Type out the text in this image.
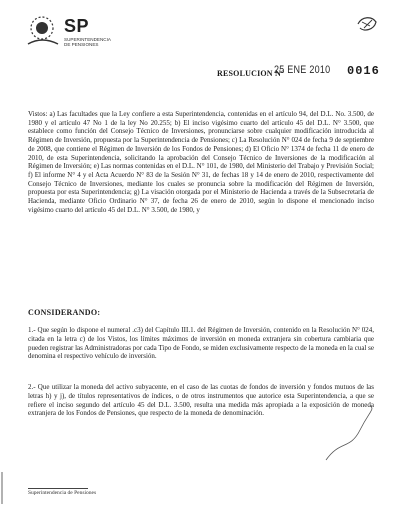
SP
SUPERINTENDENCIA DE PENSIONES
RESOLUCION N°
25 ENE 2010 0016

Vistos: a) Las facultades que la Ley confiere a esta Superintendencia, contenidas en el artículo 94, del D.L. No. 3.500, de 1980 y el artículo 47 No 1 de la ley No 20.255; b) El inciso vigésimo cuarto del artículo 45 del D.L. N° 3.500, que establece como función del Consejo Técnico de Inversiones, pronunciarse sobre cualquier modificación introducida al Régimen de Inversión, propuesta por la Superintendencia de Pensiones; c) La Resolución N° 024 de fecha 9 de septiembre de 2008, que contiene el Régimen de Inversión de los Fondos de Pensiones; d) El Oficio N° 1374 de fecha 11 de enero de 2010, de esta Superintendencia, solicitando la aprobación del Consejo Técnico de Inversiones de la modificación al Régimen de Inversión; e) Las normas contenidas en el D.L. N° 101, de 1980, del Ministerio del Trabajo y Previsión Social; f) El informe N° 4 y el Acta Acuerdo N° 83 de la Sesión N° 31, de fechas 18 y 14 de enero de 2010, respectivamente del Consejo Técnico de Inversiones, mediante los cuales se pronuncia sobre la modificación del Régimen de Inversión, propuesta por esta Superintendencia; g) La visación otorgada por el Ministerio de Hacienda a través de la Subsecretaría de Hacienda, mediante Oficio Ordinario N° 37, de fecha 26 de enero de 2010, según lo dispone el mencionado inciso vigésimo cuarto del artículo 45 del D.L. N° 3.500, de 1980, y

CONSIDERANDO:

1.- Que según lo dispone el numeral .c3) del Capítulo III.1. del Régimen de Inversión, contenido en la Resolución N° 024, citada en la letra c) de los Vistos, los límites máximos de inversión en moneda extranjera sin cobertura cambiaria que pueden registrar las Administradoras por cada Tipo de Fondo, se miden exclusivamente respecto de la moneda en la cual se denomina el respectivo vehículo de inversión.

2.- Que utilizar la moneda del activo subyacente, en el caso de las cuotas de fondos de inversión y fondos mutuos de las letras h) y j), de títulos representativos de índices, o de otros instrumentos que autorice esta Superintendencia, a que se refiere el inciso segundo del artículo 45 del D.L. 3.500, resulta una medida más apropiada a la exposición de moneda extranjera de los Fondos de Pensiones, que respecto de la moneda de denominación.

Superintendencia de Pensiones
